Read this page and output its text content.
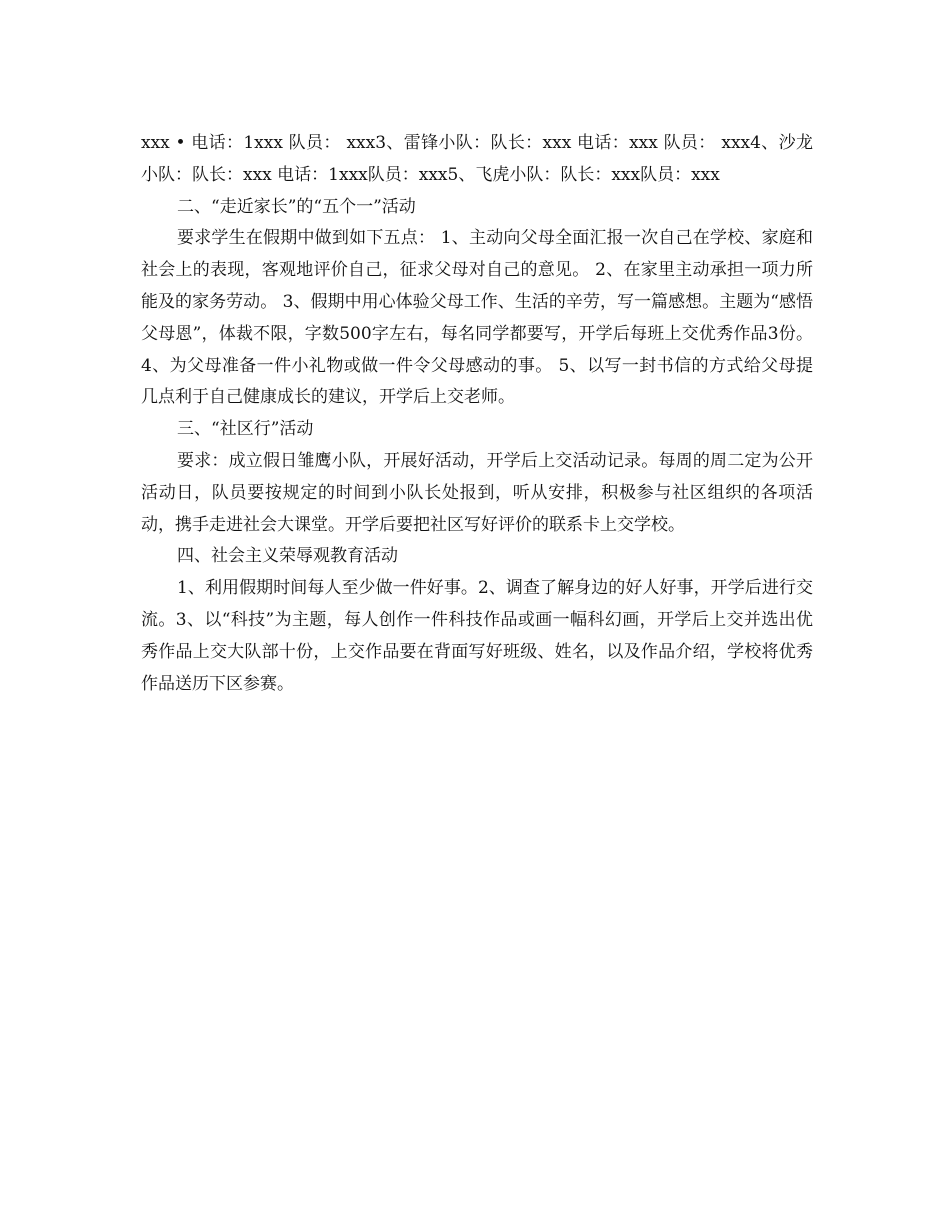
xxx • 电话：1xxx 队员： xxx3、雷锋小队：队长：xxx 电话：xxx 队员： xxx4、沙龙小队：队长：xxx 电话：1xxx队员：xxx5、飞虎小队：队长：xxx队员：xxx

二、“走近家长”的“五个一”活动

要求学生在假期中做到如下五点： 1、主动向父母全面汇报一次自己在学校、家庭和社会上的表现，客观地评价自己，征求父母对自己的意见。 2、在家里主动承担一项力所能及的家务劳动。 3、假期中用心体验父母工作、生活的辛劳，写一篇感想。主题为“感悟父母恩”，体裁不限，字数500字左右，每名同学都要写，开学后每班上交优秀作品3份。 4、为父母准备一件小礼物或做一件令父母感动的事。 5、以写一封书信的方式给父母提几点利于自己健康成长的建议，开学后上交老师。

三、“社区行”活动

要求：成立假日雏鹰小队，开展好活动，开学后上交活动记录。每周的周二定为公开活动日，队员要按规定的时间到小队长处报到，听从安排，积极参与社区组织的各项活动，携手走进社会大课堂。开学后要把社区写好评价的联系卡上交学校。

四、社会主义荣辱观教育活动

1、利用假期时间每人至少做一件好事。2、调查了解身边的好人好事，开学后进行交流。3、以“科技”为主题，每人创作一件科技作品或画一幅科幻画，开学后上交并选出优秀作品上交大队部十份，上交作品要在背面写好班级、姓名，以及作品介绍，学校将优秀作品送历下区参赛。
